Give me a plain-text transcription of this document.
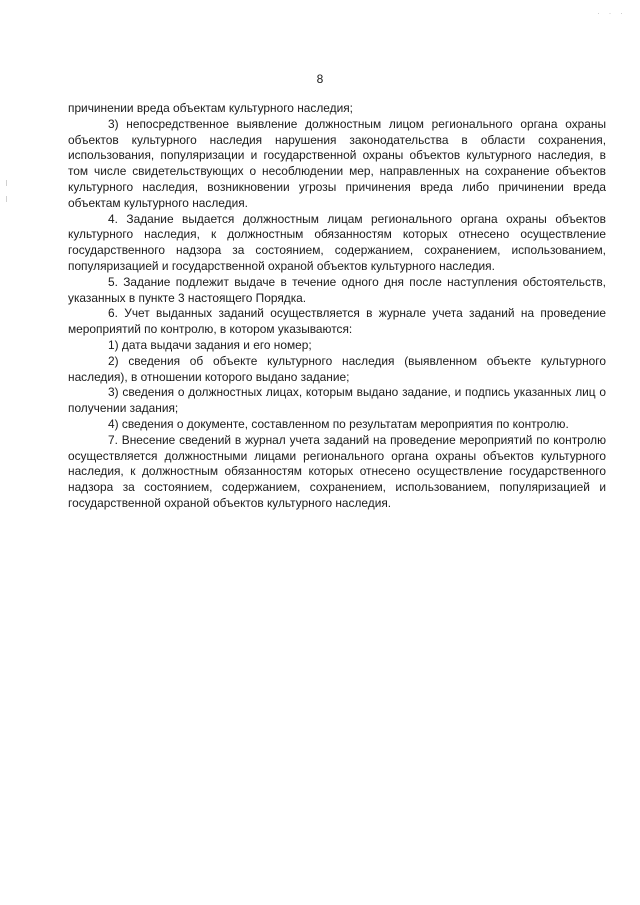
· · ·
8

причинении вреда объектам культурного наследия;

3) непосредственное выявление должностным лицом регионального органа охраны объектов культурного наследия нарушения законодательства в области сохранения, использования, популяризации и государственной охраны объектов культурного наследия, в том числе свидетельствующих о несоблюдении мер, направленных на сохранение объектов культурного наследия, возникновении угрозы причинения вреда либо причинении вреда объектам культурного наследия.

4. Задание выдается должностным лицам регионального органа охраны объектов культурного наследия, к должностным обязанностям которых отнесено осуществление государственного надзора за состоянием, содержанием, сохранением, использованием, популяризацией и государственной охраной объектов культурного наследия.

5. Задание подлежит выдаче в течение одного дня после наступления обстоятельств, указанных в пункте 3 настоящего Порядка.

6. Учет выданных заданий осуществляется в журнале учета заданий на проведение мероприятий по контролю, в котором указываются:

1) дата выдачи задания и его номер;

2) сведения об объекте культурного наследия (выявленном объекте культурного наследия), в отношении которого выдано задание;

3) сведения о должностных лицах, которым выдано задание, и подпись указанных лиц о получении задания;

4) сведения о документе, составленном по результатам мероприятия по контролю.

7. Внесение сведений в журнал учета заданий на проведение мероприятий по контролю осуществляется должностными лицами регионального органа охраны объектов культурного наследия, к должностным обязанностям которых отнесено осуществление государственного надзора за состоянием, содержанием, сохранением, использованием, популяризацией и государственной охраной объектов культурного наследия.
